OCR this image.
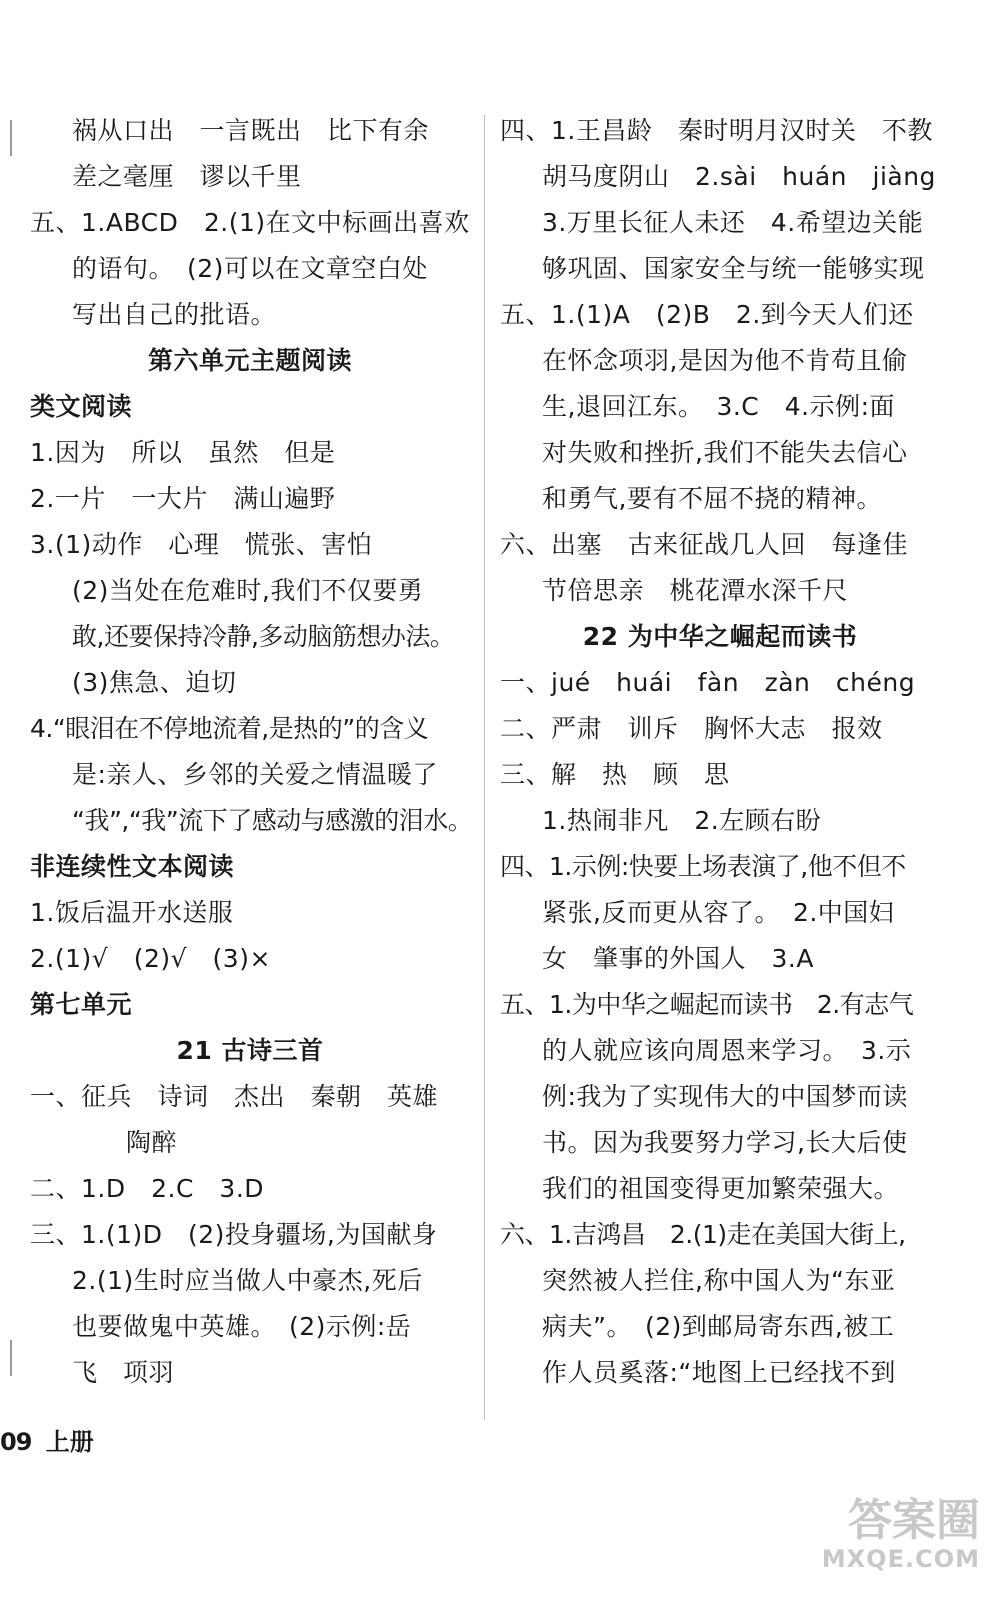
祸从口出　一言既出　比下有余
差之毫厘　谬以千里
五、1.ABCD　2.(1)在文中标画出喜欢
的语句。　(2)可以在文章空白处
写出自己的批语。
第六单元主题阅读
类文阅读
1.因为　所以　虽然　但是
2.一片　一大片　满山遍野
3.(1)动作　心理　慌张、害怕
(2)当处在危难时,我们不仅要勇
敢,还要保持冷静,多动脑筋想办法。
(3)焦急、迫切
4.“眼泪在不停地流着,是热的”的含义
是:亲人、乡邻的关爱之情温暖了
“我”,“我”流下了感动与感激的泪水。
非连续性文本阅读
1.饭后温开水送服
2.(1)√　(2)√　(3)×
第七单元
21 古诗三首
一、征兵　诗词　杰出　秦朝　英雄
陶醉
二、1.D　2.C　3.D
三、1.(1)D　(2)投身疆场,为国献身
2.(1)生时应当做人中豪杰,死后
也要做鬼中英雄。　(2)示例:岳
飞　项羽
四、1.王昌龄　秦时明月汉时关　不教
胡马度阴山　2.sài　huán　jiàng
3.万里长征人未还　4.希望边关能
够巩固、国家安全与统一能够实现
五、1.(1)A　(2)B　2.到今天人们还
在怀念项羽,是因为他不肯苟且偷
生,退回江东。　3.C　4.示例:面
对失败和挫折,我们不能失去信心
和勇气,要有不屈不挠的精神。
六、出塞　古来征战几人回　每逢佳
节倍思亲　桃花潭水深千尺
22 为中华之崛起而读书
一、jué　huái　fàn　zàn　chéng
二、严肃　训斥　胸怀大志　报效
三、解　热　顾　思
1.热闹非凡　2.左顾右盼
四、1.示例:快要上场表演了,他不但不
紧张,反而更从容了。　2.中国妇
女　肇事的外国人　3.A
五、1.为中华之崛起而读书　2.有志气
的人就应该向周恩来学习。　3.示
例:我为了实现伟大的中国梦而读
书。因为我要努力学习,长大后使
我们的祖国变得更加繁荣强大。
六、1.吉鸿昌　2.(1)走在美国大街上,
突然被人拦住,称中国人为“东亚
病夫”。　(2)到邮局寄东西,被工
作人员奚落:“地图上已经找不到
09 上册
答案圈
MXQE.COM
